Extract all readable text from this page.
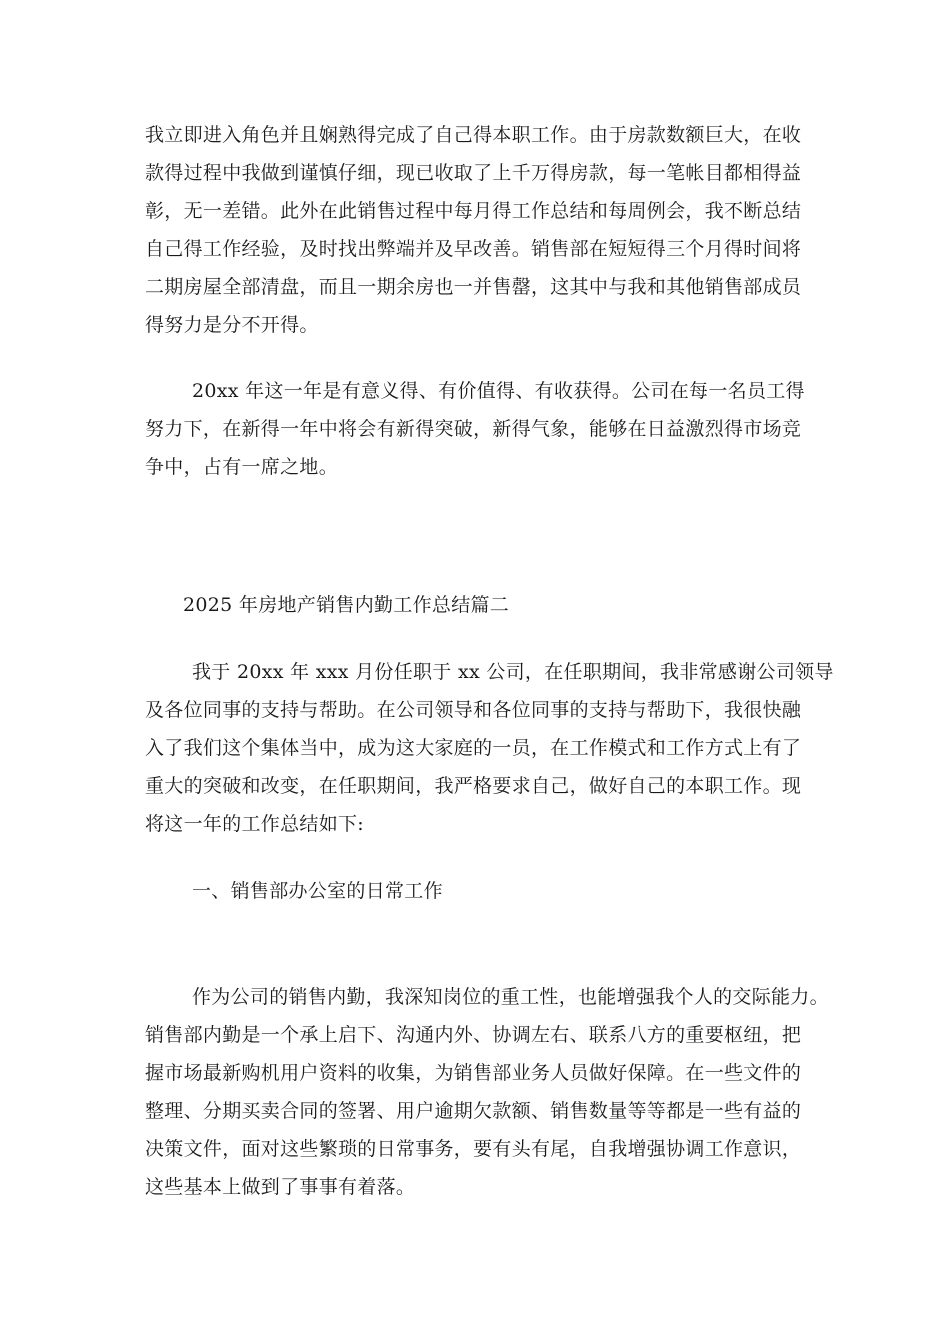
我立即进入角色并且娴熟得完成了自己得本职工作。由于房款数额巨大，在收
款得过程中我做到谨慎仔细，现已收取了上千万得房款，每一笔帐目都相得益
彰，无一差错。此外在此销售过程中每月得工作总结和每周例会，我不断总结
自己得工作经验，及时找出弊端并及早改善。销售部在短短得三个月得时间将
二期房屋全部清盘，而且一期余房也一并售罄，这其中与我和其他销售部成员
得努力是分不开得。
20xx 年这一年是有意义得、有价值得、有收获得。公司在每一名员工得
努力下，在新得一年中将会有新得突破，新得气象，能够在日益激烈得市场竞
争中，占有一席之地。
2025 年房地产销售内勤工作总结篇二
我于 20xx 年 xxx 月份任职于 xx 公司，在任职期间，我非常感谢公司领导
及各位同事的支持与帮助。在公司领导和各位同事的支持与帮助下，我很快融
入了我们这个集体当中，成为这大家庭的一员，在工作模式和工作方式上有了
重大的突破和改变，在任职期间，我严格要求自己，做好自己的本职工作。现
将这一年的工作总结如下:
一、销售部办公室的日常工作
作为公司的销售内勤，我深知岗位的重工性，也能增强我个人的交际能力。
销售部内勤是一个承上启下、沟通内外、协调左右、联系八方的重要枢纽，把
握市场最新购机用户资料的收集，为销售部业务人员做好保障。在一些文件的
整理、分期买卖合同的签署、用户逾期欠款额、销售数量等等都是一些有益的
决策文件，面对这些繁琐的日常事务，要有头有尾，自我增强协调工作意识，
这些基本上做到了事事有着落。
